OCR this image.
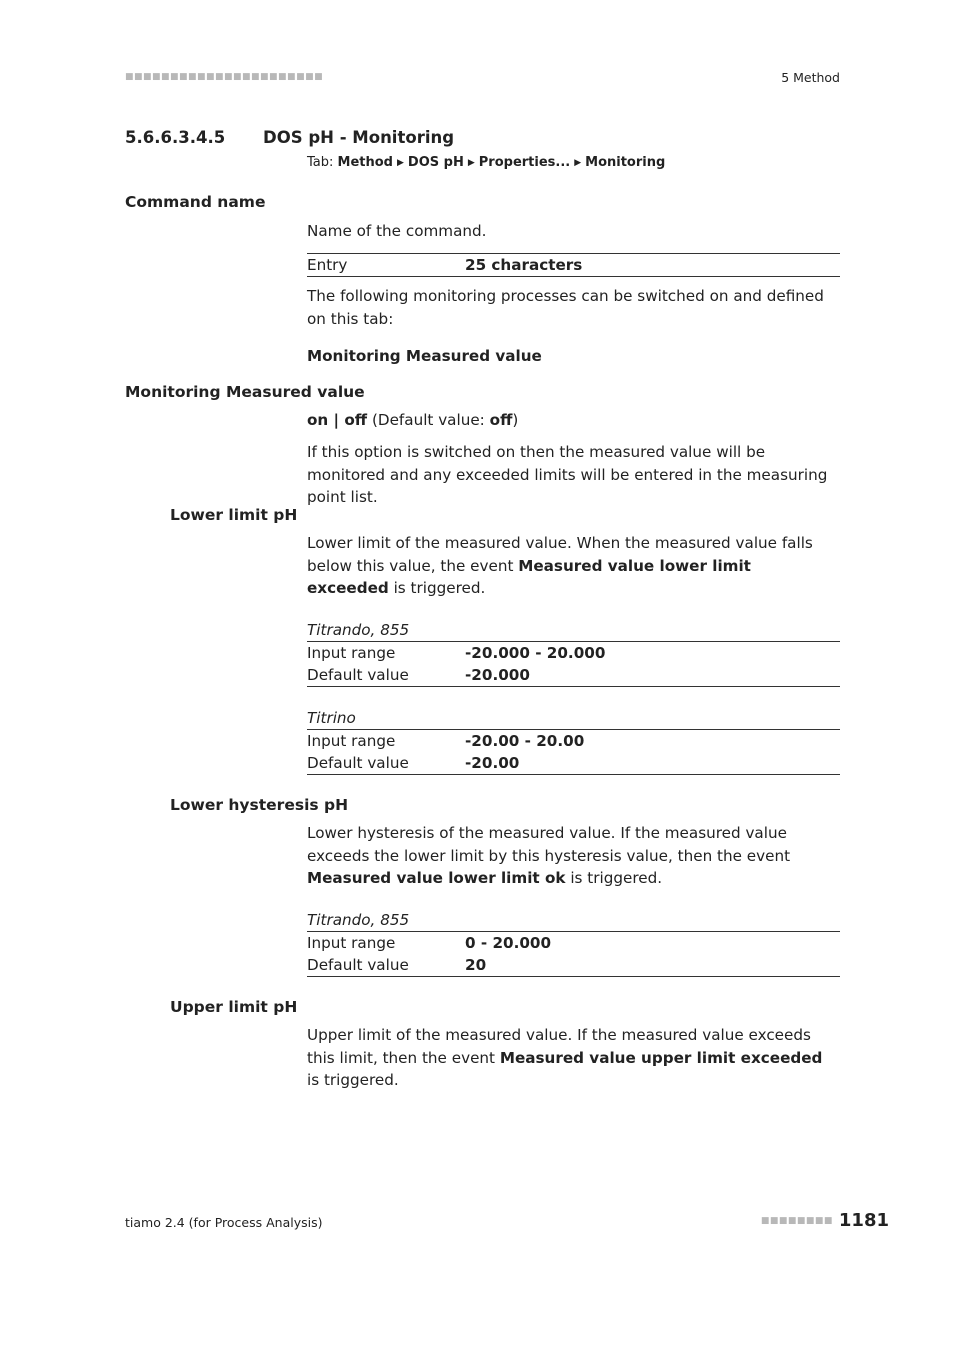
■■■■■■■■■■■■■■■■■■■■■■	5 Method
5.6.6.3.4.5 DOS pH - Monitoring
Tab: Method ▶ DOS pH ▶ Properties... ▶ Monitoring
Command name
Name of the command.
Entry	25 characters
The following monitoring processes can be switched on and defined on this tab:
Monitoring Measured value
Monitoring Measured value
on | off (Default value: off)
If this option is switched on then the measured value will be monitored and any exceeded limits will be entered in the measuring point list.
Lower limit pH
Lower limit of the measured value. When the measured value falls below this value, the event Measured value lower limit exceeded is triggered.
Titrando, 855
Input range	-20.000 - 20.000
Default value	-20.000
Titrino
Input range	-20.00 - 20.00
Default value	-20.00
Lower hysteresis pH
Lower hysteresis of the measured value. If the measured value exceeds the lower limit by this hysteresis value, then the event Measured value lower limit ok is triggered.
Titrando, 855
Input range	0 - 20.000
Default value	20
Upper limit pH
Upper limit of the measured value. If the measured value exceeds this limit, then the event Measured value upper limit exceeded is triggered.
tiamo 2.4 (for Process Analysis)	■■■■■■■■ 1181
